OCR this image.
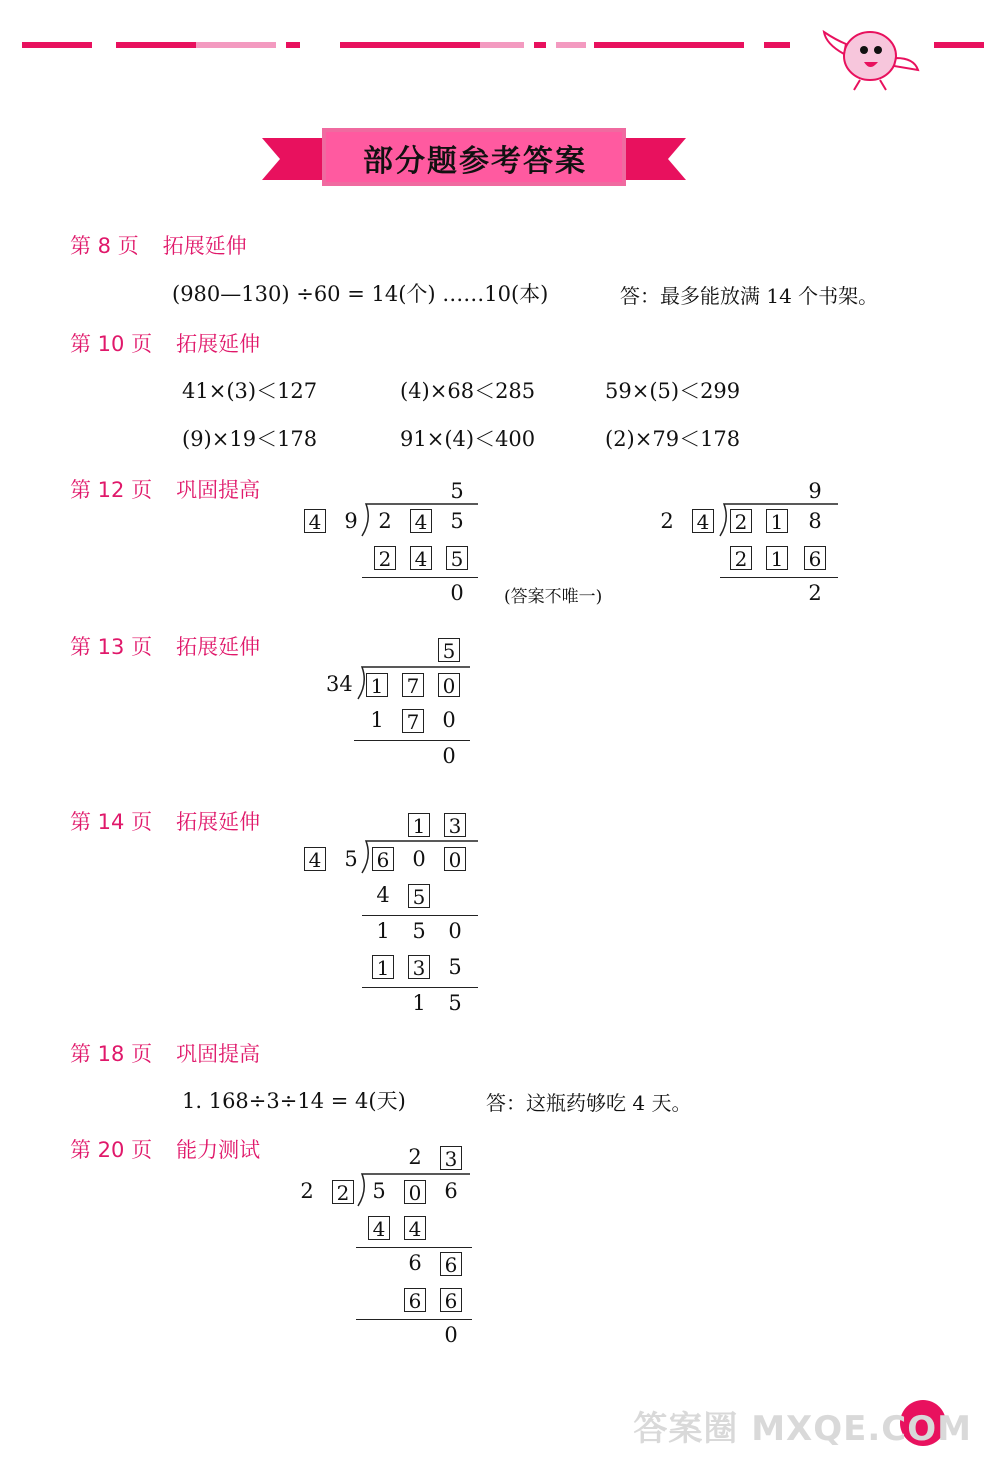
部分题参考答案
第 8 页 拓展延伸
(980—130) ÷60 = 14(个) ……10(本)	答：最多能放满 14 个书架。
第 10 页 拓展延伸
41×(3)＜127	(4)×68＜285	59×(5)＜299
(9)×19＜178	91×(4)＜400	(2)×79＜178
第 12 页 巩固提高	5
4	9 2	4	5
2 4 5
0	(答案不唯一)
9
2	4 2 1	8
2 1 6
2
第 13 页 拓展延伸	5
34 1 7 0
1	7	0
0
第 14 页 拓展延伸	1 3
4	5 6	0	0
4	5
1	5	0
1 3	5
1	5
第 18 页 巩固提高
1. 168÷3÷14 = 4(天)	答：这瓶药够吃 4 天。
第 20 页 能力测试	2	3
2	2	5	0	6
4 4
6	6
6 6
0
答案圈 MXQE.COM
